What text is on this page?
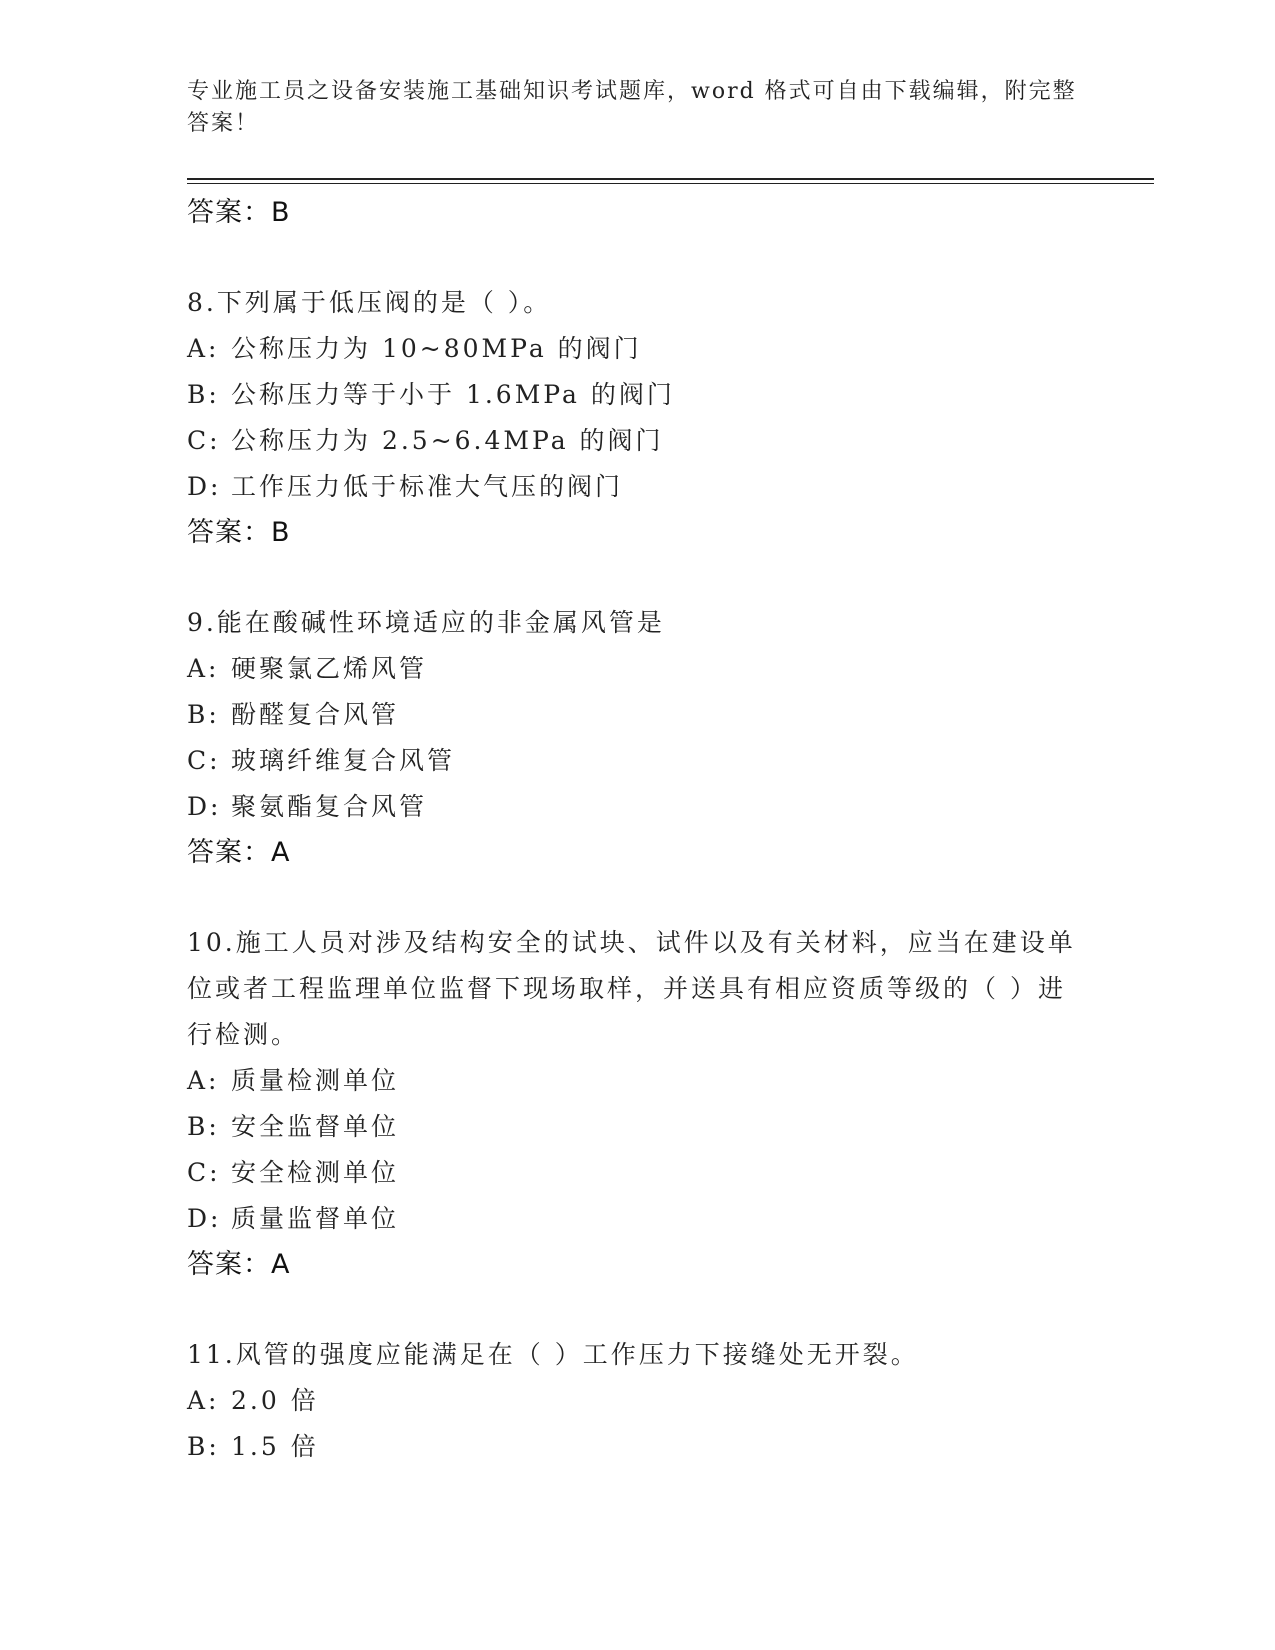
专业施工员之设备安装施工基础知识考试题库，word 格式可自由下载编辑，附完整答案！
答案：B
8.下列属于低压阀的是（ ）。
A: 公称压力为 10~80MPa 的阀门
B: 公称压力等于小于 1.6MPa 的阀门
C: 公称压力为 2.5~6.4MPa 的阀门
D: 工作压力低于标准大气压的阀门
答案：B
9.能在酸碱性环境适应的非金属风管是
A: 硬聚氯乙烯风管
B: 酚醛复合风管
C: 玻璃纤维复合风管
D: 聚氨酯复合风管
答案：A
10.施工人员对涉及结构安全的试块、试件以及有关材料，应当在建设单位或者工程监理单位监督下现场取样，并送具有相应资质等级的（ ）进行检测。
A: 质量检测单位
B: 安全监督单位
C: 安全检测单位
D: 质量监督单位
答案：A
11.风管的强度应能满足在（ ）工作压力下接缝处无开裂。
A: 2.0 倍
B: 1.5 倍
